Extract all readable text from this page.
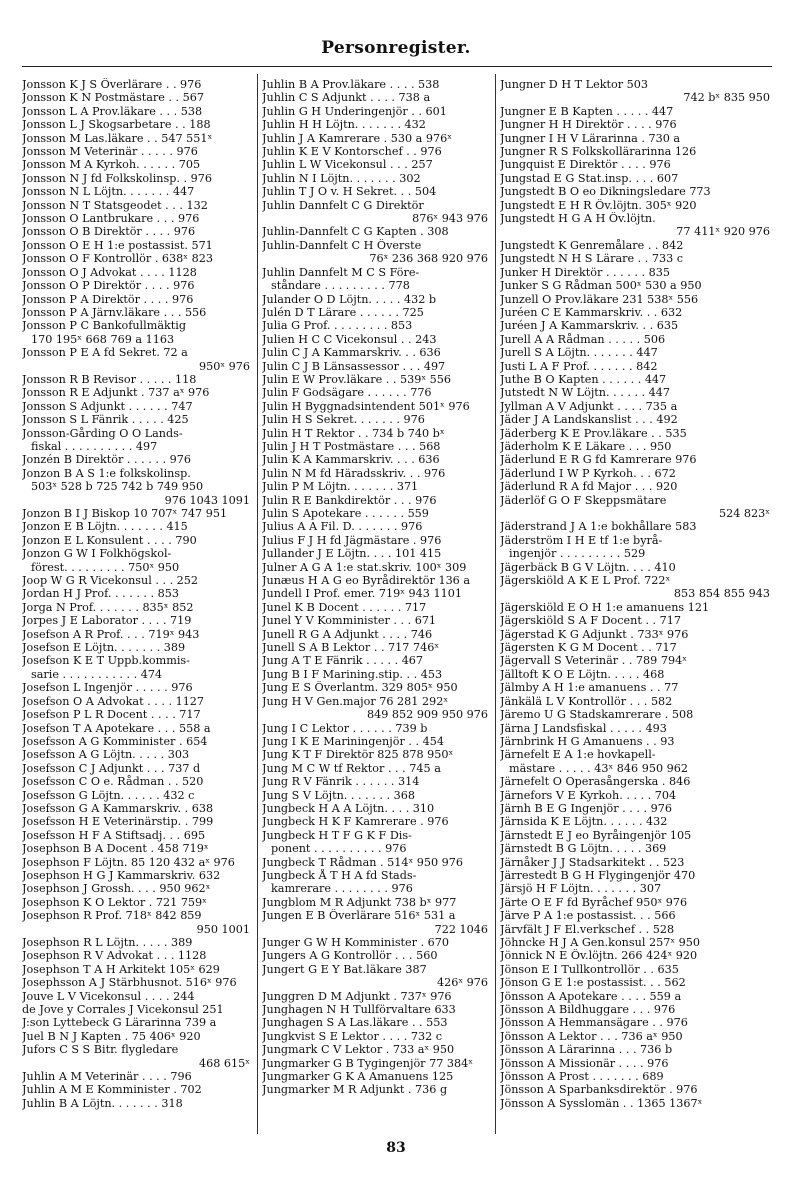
Personregister.
Jonsson K J S Överlärare . . 976
Jonsson K N Postmästare . . 567
Jonsson L A Prov.läkare . . . 538
Jonsson L J Skogsarbetare . . 188
Jonsson M Las.läkare . . 547 551ˣ
Jonsson M Veterinär . . . . . 976
Jonsson M A Kyrkoh. . . . . . 705
Jonsson N J fd Folkskolinsp. . 976
Jonsson N L Löjtn. . . . . . . 447
Jonsson N T Statsgeodet . . . 132
Jonsson O Lantbrukare . . . 976
Jonsson O B Direktör . . . . 976
Jonsson O E H 1:e postassist. 571
Jonsson O F Kontrollör . 638ˣ 823
Jonsson O J Advokat . . . . 1128
Jonsson O P Direktör . . . . 976
Jonsson P A Direktör . . . . 976
Jonsson P A Järnv.läkare . . . 556
Jonsson P C Bankofullmäktig
170 195ˣ 668 769 a 1163
Jonsson P E A fd Sekret. 72 a
950ˣ 976
Jonsson R B Revisor . . . . . 118
Jonsson R E Adjunkt . 737 aˣ 976
Jonsson S Adjunkt . . . . . . 747
Jonsson S L Fänrik . . . . . 425
Jonsson-Gårding O O Lands-
fiskal . . . . . . . . . . 497
Jonzén B Direktör . . . . . . 976
Jonzon B A S 1:e folkskolinsp.
503ˣ 528 b 725 742 b 749 950
976 1043 1091
Jonzon B I J Biskop 10 707ˣ 747 951
Jonzon E B Löjtn. . . . . . . 415
Jonzon E L Konsulent . . . . 790
Jonzon G W I Folkhögskol-
förest. . . . . . . . . 750ˣ 950
Joop W G R Vicekonsul . . . 252
Jordan H J Prof. . . . . . . 853
Jorga N Prof. . . . . . . 835ˣ 852
Jorpes J E Laborator . . . . 719
Josefson A R Prof. . . . 719ˣ 943
Josefson E Löjtn. . . . . . . 389
Josefson K E T Uppb.kommis-
sarie . . . . . . . . . . . 474
Josefson L Ingenjör . . . . . 976
Josefson O A Advokat . . . . 1127
Josefson P L R Docent . . . . 717
Josefson T A Apotekare . . . 558 a
Josefsson A G Komminister . 654
Josefsson A G Löjtn. . . . . 303
Josefsson C J Adjunkt . . . 737 d
Josefsson C O e. Rådman . . 520
Josefsson G Löjtn. . . . . . 432 c
Josefsson G A Kammarskriv. . 638
Josefsson H E Veterinärstip. . 799
Josefsson H F A Stiftsadj. . . 695
Josephson B A Docent . 458 719ˣ
Josephson F Löjtn. 85 120 432 aˣ 976
Josephson H G J Kammarskriv. 632
Josephson J Grossh. . . . 950 962ˣ
Josephson K O Lektor . 721 759ˣ
Josephson R Prof. 718ˣ 842 859
950 1001
Josephson R L Löjtn. . . . . 389
Josephson R V Advokat . . . 1128
Josephson T A H Arkitekt 105ˣ 629
Josephsson A J Stärbhusnot. 516ˣ 976
Jouve L V Vicekonsul . . . . 244
de Jove y Corrales J Vicekonsul 251
J:son Lyttebeck G Lärarinna 739 a
Juel B N J Kapten . 75 406ˣ 920
Jufors C S S Bitr. flygledare
468 615ˣ
Juhlin A M Veterinär . . . . 796
Juhlin A M E Komminister . 702
Juhlin B A Löjtn. . . . . . . 318
Juhlin B A Prov.läkare . . . . 538
Juhlin C S Adjunkt . . . . 738 a
Juhlin G H Underingenjör . . 601
Juhlin H H Löjtn. . . . . . . 432
Juhlin J A Kamrerare . 530 a 976ˣ
Juhlin K E V Kontorschef . . 976
Juhlin L W Vicekonsul . . . 257
Juhlin N I Löjtn. . . . . . . 302
Juhlin T J O v. H Sekret. . . 504
Juhlin Dannfelt C G Direktör
876ˣ 943 976
Juhlin-Dannfelt C G Kapten . 308
Juhlin-Dannfelt C H Överste
76ˣ 236 368 920 976
Juhlin Dannfelt M C S Före-
ståndare . . . . . . . . . 778
Julander O D Löjtn. . . . . 432 b
Julén D T Lärare . . . . . . 725
Julia G Prof. . . . . . . . . 853
Julien H C C Vicekonsul . . 243
Julin C J A Kammarskriv. . . 636
Julin C J B Länsassessor . . . 497
Julin E W Prov.läkare . . 539ˣ 556
Julin F Godsägare . . . . . . 776
Julin H Byggnadsintendent 501ˣ 976
Julin H S Sekret. . . . . . . 976
Julin H T Rektor . . 734 b 740 bˣ
Julin J H T Postmästare . . . 568
Julin K A Kammarskriv. . . . 636
Julin N M fd Häradsskriv. . . 976
Julin P M Löjtn. . . . . . . 371
Julin R E Bankdirektör . . . 976
Julin S Apotekare . . . . . . 559
Julius A A Fil. D. . . . . . . 976
Julius F J H fd Jägmästare . 976
Jullander J E Löjtn. . . . 101 415
Julner A G A 1:e stat.skriv. 100ˣ 309
Junæus H A G eo Byrådirektör 136 a
Jundell I Prof. emer. 719ˣ 943 1101
Junel K B Docent . . . . . . 717
Junel Y V Komminister . . . 671
Junell R G A Adjunkt . . . . 746
Junell S A B Lektor . . 717 746ˣ
Jung A T E Fänrik . . . . . 467
Jung B I F Marining.stip. . . 453
Jung E S Överlantm. 329 805ˣ 950
Jung H V Gen.major 76 281 292ˣ
849 852 909 950 976
Jung I C Lektor . . . . . . 739 b
Jung I K E Mariningenjör . . 454
Jung K T F Direktör 825 878 950ˣ
Jung M C W tf Rektor . . . 745 a
Jung R V Fänrik . . . . . . 314
Jung S V Löjtn. . . . . . . 368
Jungbeck H A A Löjtn. . . . 310
Jungbeck H K F Kamrerare . 976
Jungbeck H T F G K F Dis-
ponent . . . . . . . . . . 976
Jungbeck T Rådman . 514ˣ 950 976
Jungbeck Å T H A fd Stads-
kamrerare . . . . . . . . 976
Jungblom M R Adjunkt 738 bˣ 977
Jungen E B Överlärare 516ˣ 531 a
722 1046
Junger G W H Komminister . 670
Jungers A G Kontrollör . . . 560
Jungert G E Y Bat.läkare 387
426ˣ 976
Junggren D M Adjunkt . 737ˣ 976
Junghagen N H Tullförvaltare 633
Junghagen S A Las.läkare . . 553
Jungkvist S E Lektor . . . . 732 c
Jungmark C V Lektor . 733 aˣ 950
Jungmarker G B Tygingenjör 77 384ˣ
Jungmarker G K A Amanuens 125
Jungmarker M R Adjunkt . 736 g
Jungner D H T Lektor 503
742 bˣ 835 950
Jungner E B Kapten . . . . . 447
Jungner H H Direktör . . . . 976
Jungner I H V Lärarinna . 730 a
Jungner R S Folkskollärarinna 126
Jungquist E Direktör . . . . 976
Jungstad E G Stat.insp. . . . 607
Jungstedt B O eo Dikningsledare 773
Jungstedt E H R Öv.löjtn. 305ˣ 920
Jungstedt H G A H Öv.löjtn.
77 411ˣ 920 976
Jungstedt K Genremålare . . 842
Jungstedt N H S Lärare . . 733 c
Junker H Direktör . . . . . . 835
Junker S G Rådman 500ˣ 530 a 950
Junzell O Prov.läkare 231 538ˣ 556
Juréen C E Kammarskriv. . . 632
Juréen J A Kammarskriv. . . 635
Jurell A A Rådman . . . . . 506
Jurell S A Löjtn. . . . . . . 447
Justi L A F Prof. . . . . . . 842
Juthe B O Kapten . . . . . . 447
Jutstedt N W Löjtn. . . . . . 447
Jyllman A V Adjunkt . . . . 735 a
Jäder J A Landskanslist . . . 492
Jäderberg K E Prov.läkare . . 535
Jäderholm K E Läkare . . . 950
Jäderlund E R G fd Kamrerare 976
Jäderlund I W P Kyrkoh. . . 672
Jäderlund R A fd Major . . . 920
Jäderlöf G O F Skeppsmätare
524 823ˣ
Jäderstrand J A 1:e bokhållare 583
Jäderström I H E tf 1:e byrå-
ingenjör . . . . . . . . . 529
Jägerbäck B G V Löjtn. . . . 410
Jägerskiöld A K E L Prof. 722ˣ
853 854 855 943
Jägerskiöld E O H 1:e amanuens 121
Jägerskiöld S A F Docent . . 717
Jägerstad K G Adjunkt . 733ˣ 976
Jägersten K G M Docent . . 717
Jägervall S Veterinär . . 789 794ˣ
Jälltoft K O E Löjtn. . . . . 468
Jälmby A H 1:e amanuens . . 77
Jänkälä L V Kontrollör . . . 582
Järemo U G Stadskamrerare . 508
Järna J Landsfiskal . . . . . 493
Järnbrink H G Amanuens . . 93
Järnefelt E A 1:e hovkapell-
mästare . . . . . 43ˣ 846 950 962
Järnefelt O Operasångerska . 846
Järnefors V E Kyrkoh. . . . . 704
Järnh B E G Ingenjör . . . . 976
Järnsida K E Löjtn. . . . . . 432
Järnstedt E J eo Byråingenjör 105
Järnstedt B G Löjtn. . . . . 369
Järnåker J J Stadsarkitekt . . 523
Järrestedt B G H Flygingenjör 470
Järsjö H F Löjtn. . . . . . . 307
Järte O E F fd Byråchef 950ˣ 976
Järve P A 1:e postassist. . . 566
Järvfält J F El.verkschef . . 528
Jöhncke H J A Gen.konsul 257ˣ 950
Jönnick N E Öv.löjtn. 266 424ˣ 920
Jönson E I Tullkontrollör . . 635
Jönson G E 1:e postassist. . . 562
Jönsson A Apotekare . . . . 559 a
Jönsson A Bildhuggare . . . 976
Jönsson A Hemmansägare . . 976
Jönsson A Lektor . . . 736 aˣ 950
Jönsson A Lärarinna . . . 736 b
Jönsson A Missionär . . . . 976
Jönsson A Prost . . . . . . . 689
Jönsson A Sparbanksdirektör . 976
Jönsson A Sysslomän . . 1365 1367ˣ
83
